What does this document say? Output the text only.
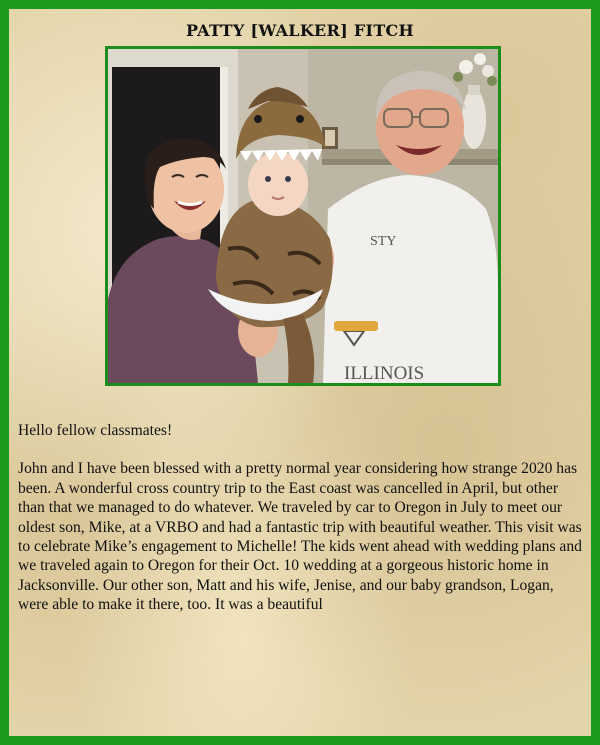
PATTY [WALKER] FITCH
ILLINOIS
STY

Hello fellow classmates!

John and I have been blessed with a pretty normal year considering how strange 2020 has been. A wonderful cross country trip to the East coast was cancelled in April, but other than that we managed to do whatever. We traveled by car to Oregon in July to meet our oldest son, Mike, at a VRBO and had a fantastic trip with beautiful weather. This visit was to celebrate Mike’s engagement to Michelle! The kids went ahead with wedding plans and we traveled again to Oregon for their Oct. 10 wedding at a gorgeous historic home in Jacksonville. Our other son, Matt and his wife, Jenise, and our baby grandson, Logan, were able to make it there, too. It was a beautiful
